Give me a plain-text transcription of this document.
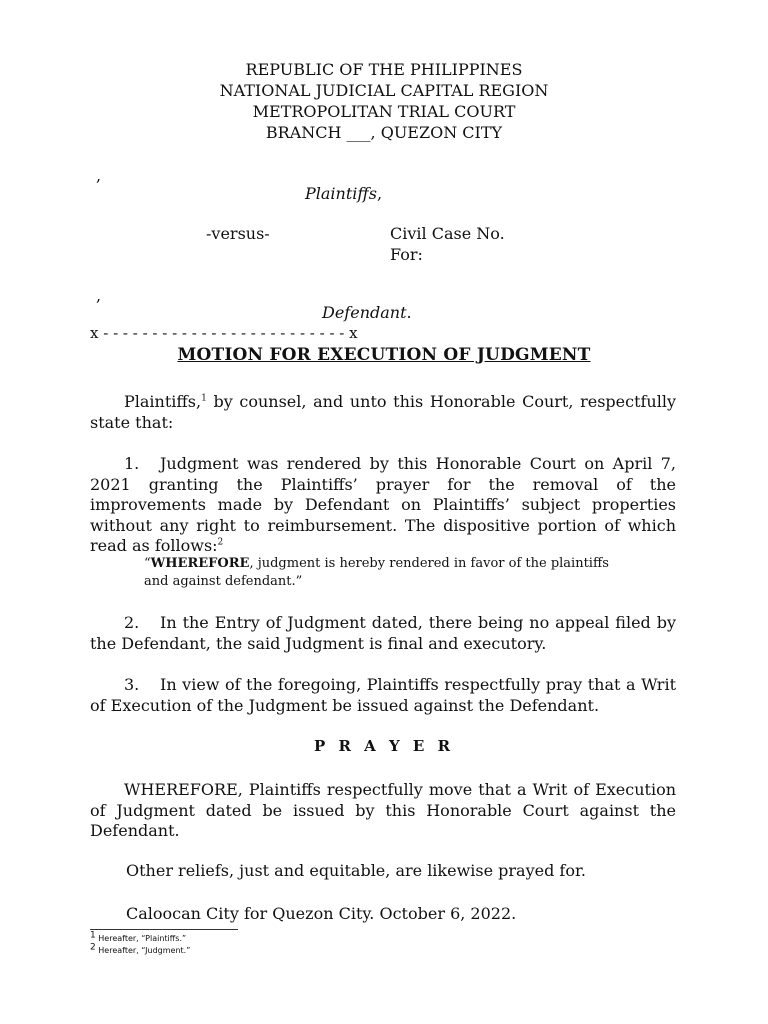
REPUBLIC OF THE PHILIPPINES
NATIONAL JUDICIAL CAPITAL REGION
METROPOLITAN TRIAL COURT
BRANCH ___, QUEZON CITY
,
Plaintiffs,
-versus-	Civil Case No.
For:
,
Defendant.
x - - - - - - - - - - - - - - - - - - - - - - - - - x
MOTION FOR EXECUTION OF JUDGMENT
Plaintiffs,$^1$ by counsel, and unto this Honorable Court, respectfully state that:
1.	Judgment was rendered by this Honorable Court on April 7,
2021 granting the Plaintiffs’ prayer for the removal of the improvements made by Defendant on Plaintiffs’ subject properties without any right to reimbursement. The dispositive portion of which read as follows:$^2$
“WHEREFORE, judgment is hereby rendered in favor of the plaintiffs
and against defendant.”
2.	In the Entry of Judgment dated, there being no appeal filed by
the Defendant, the said Judgment is final and executory.
3.	In view of the foregoing, Plaintiffs respectfully pray that a Writ
of Execution of the Judgment be issued against the Defendant.
P R A Y E R
WHEREFORE, Plaintiffs respectfully move that a Writ of Execution of Judgment dated be issued by this Honorable Court against the Defendant.
Other reliefs, just and equitable, are likewise prayed for.
Caloocan City for Quezon City. October 6, 2022.
$^1$ Hereafter, “Plaintiffs.”
$^2$ Hereafter, “Judgment.”
